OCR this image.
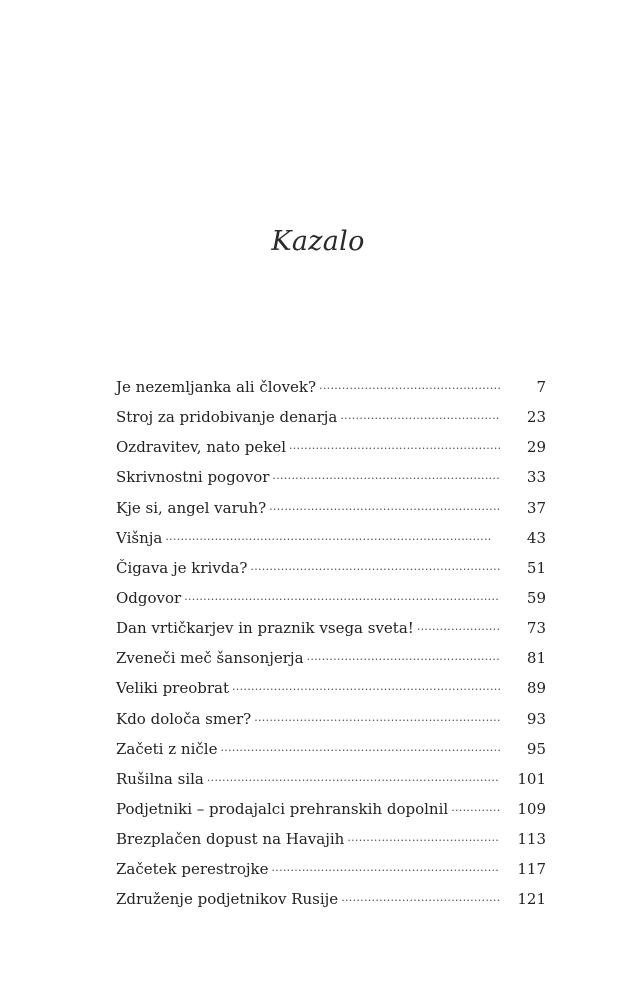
Kazalo
Je nezemljanka ali človek? . . .	7
Stroj za pridobivanje denarja . . .	23
Ozdravitev, nato pekel . . .	29
Skrivnostni pogovor . . .	33
Kje si, angel varuh? . . .	37
Višnja . . .	43
Čigava je krivda? . . .	51
Odgovor . . .	59
Dan vrtičkarjev in praznik vsega sveta! . . .	73
Zveneči meč šansonjerja . . .	81
Veliki preobrat . . .	89
Kdo določa smer? . . .	93
Začeti z ničle . . .	95
Rušilna sila . . .	101
Podjetniki – prodajalci prehranskih dopolnil . . .	109
Brezplačen dopust na Havajih . . .	113
Začetek perestrojke . . .	117
Združenje podjetnikov Rusije . . .	121
